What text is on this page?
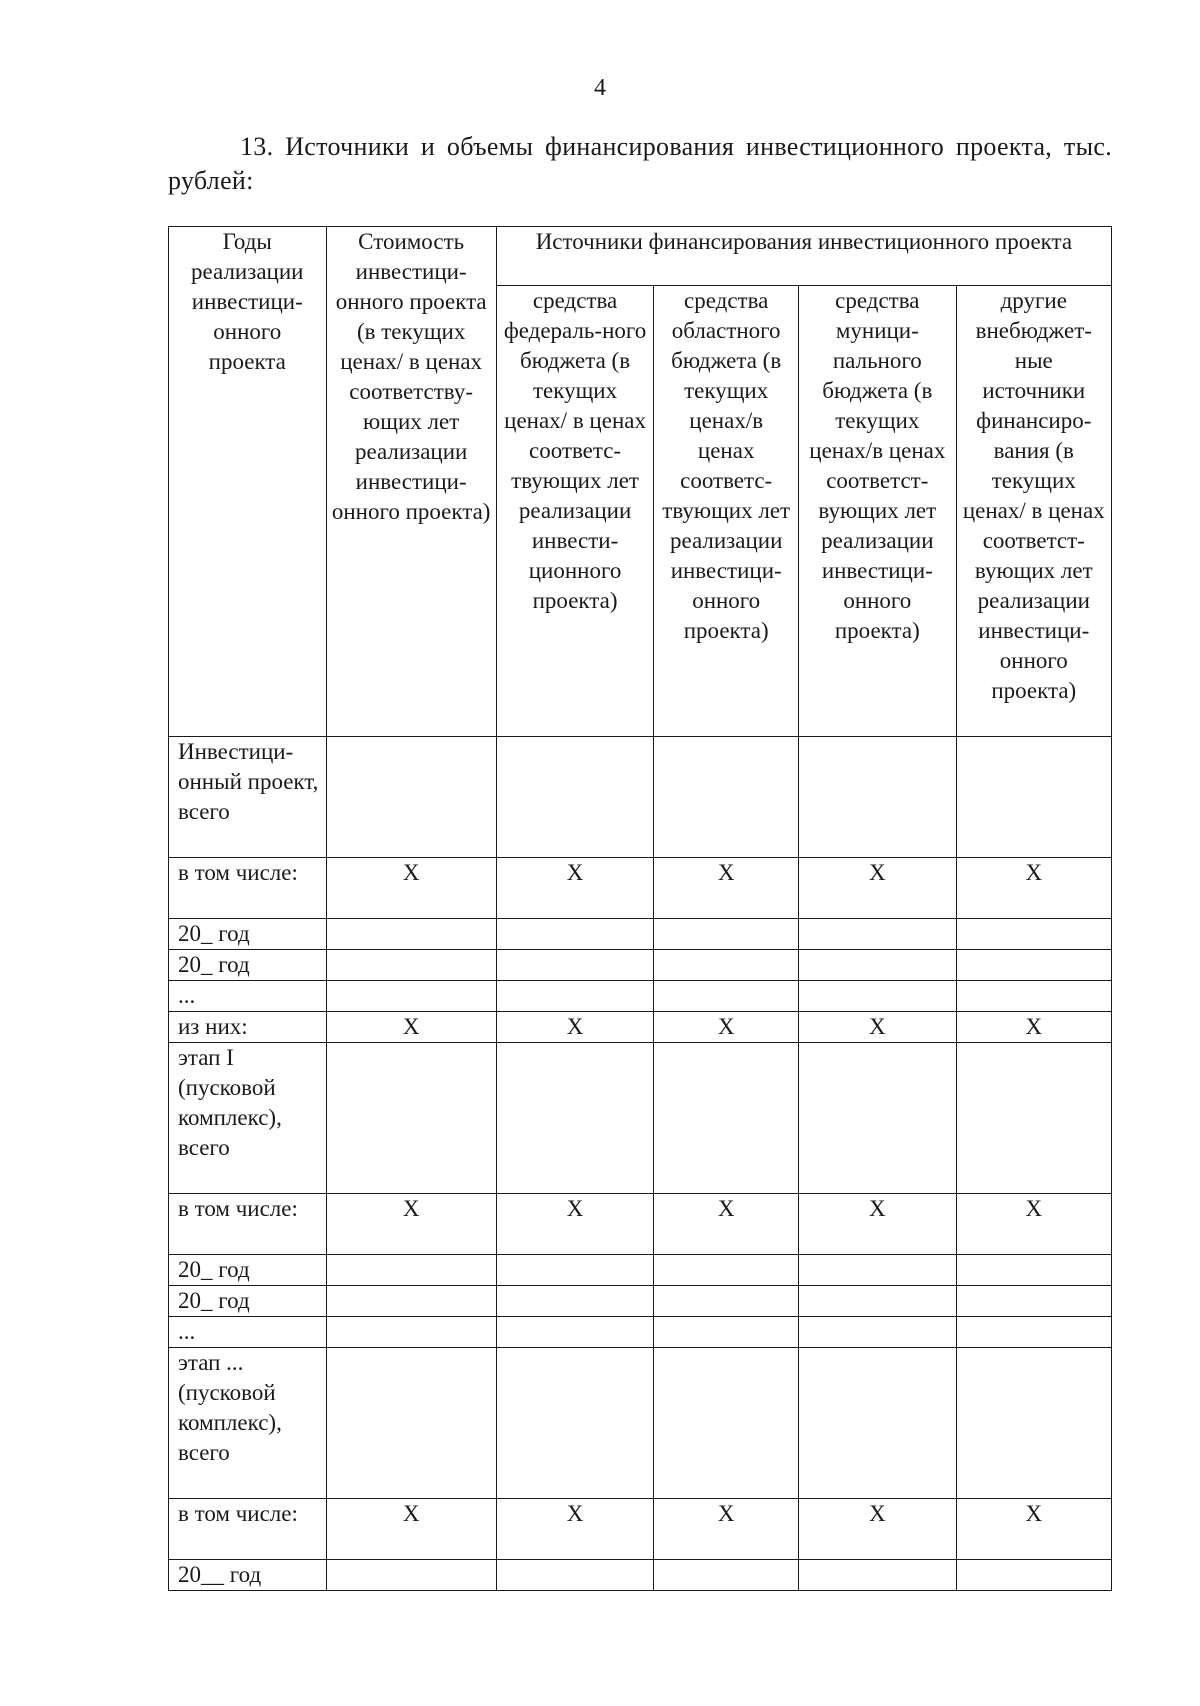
4
13. Источники и объемы финансирования инвестиционного проекта, тыс. рублей:
Годы реализации инвестици-онного проекта	Стоимость инвестици-онного проекта (в текущих ценах/ в ценах соответству-ющих лет реализации инвестици-онного проекта)	Источники финансирования инвестиционного проекта			
		средства федераль-ного бюджета (в текущих ценах/ в ценах соответс-твующих лет реализации инвести-ционного проекта)	средства областного бюджета (в текущих ценах/в ценах соответс-твующих лет реализации инвестици-онного проекта)	средства муници-пального бюджета (в текущих ценах/в ценах соответст-вующих лет реализации инвестици-онного проекта)	другие внебюджет-ные источники финансиро-вания (в текущих ценах/ в ценах соответст-вующих лет реализации инвестици-онного проекта)
Инвестици-онный проект, всего					
в том числе:	X	X	X	X	X
20_ год					
20_ год					
...					
из них:	X	X	X	X	X
этап I (пусковой комплекс), всего					
в том числе:	X	X	X	X	X
20_ год					
20_ год					
...					
этап ... (пусковой комплекс), всего					
в том числе:	X	X	X	X	X
20__ год					
